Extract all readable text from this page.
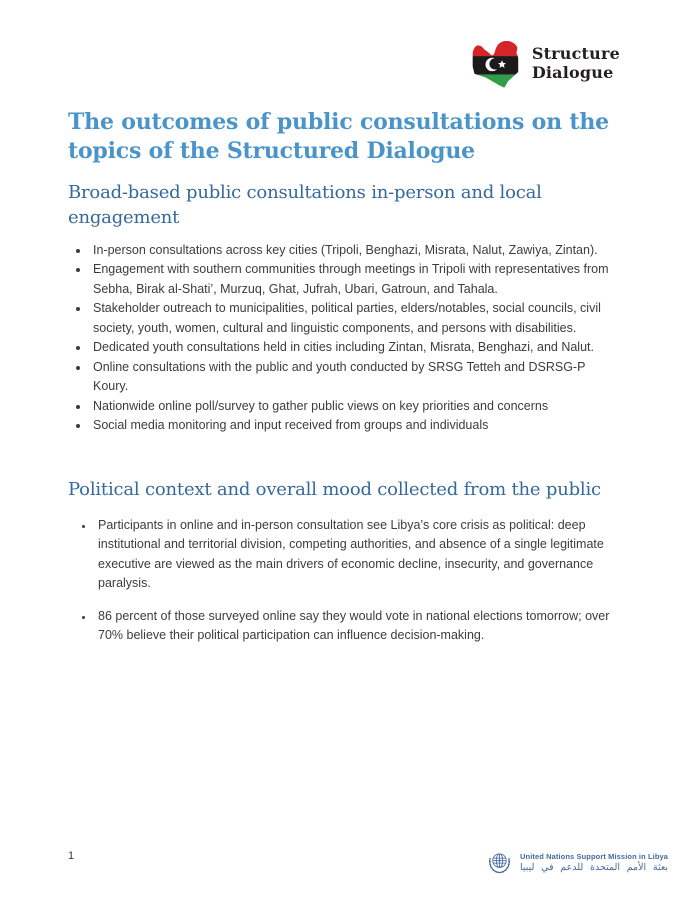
Structure
Dialogue
The outcomes of public consultations on the topics of the Structured Dialogue
Broad-based public consultations in-person and local engagement
• In-person consultations across key cities (Tripoli, Benghazi, Misrata, Nalut, Zawiya, Zintan).
• Engagement with southern communities through meetings in Tripoli with representatives from Sebha, Birak al-Shati’, Murzuq, Ghat, Jufrah, Ubari, Gatroun, and Tahala.
• Stakeholder outreach to municipalities, political parties, elders/notables, social councils, civil society, youth, women, cultural and linguistic components, and persons with disabilities.
• Dedicated youth consultations held in cities including Zintan, Misrata, Benghazi, and Nalut.
• Online consultations with the public and youth conducted by SRSG Tetteh and DSRSG-P Koury.
• Nationwide online poll/survey to gather public views on key priorities and concerns
• Social media monitoring and input received from groups and individuals
Political context and overall mood collected from the public
• Participants in online and in-person consultation see Libya’s core crisis as political: deep institutional and territorial division, competing authorities, and absence of a single legitimate executive are viewed as the main drivers of economic decline, insecurity, and governance paralysis.
• 86 percent of those surveyed online say they would vote in national elections tomorrow; over 70% believe their political participation can influence decision-making.
1	United Nations Support Mission in Libya
بعثة الأمم المتحدة للدعم في ليبيا
